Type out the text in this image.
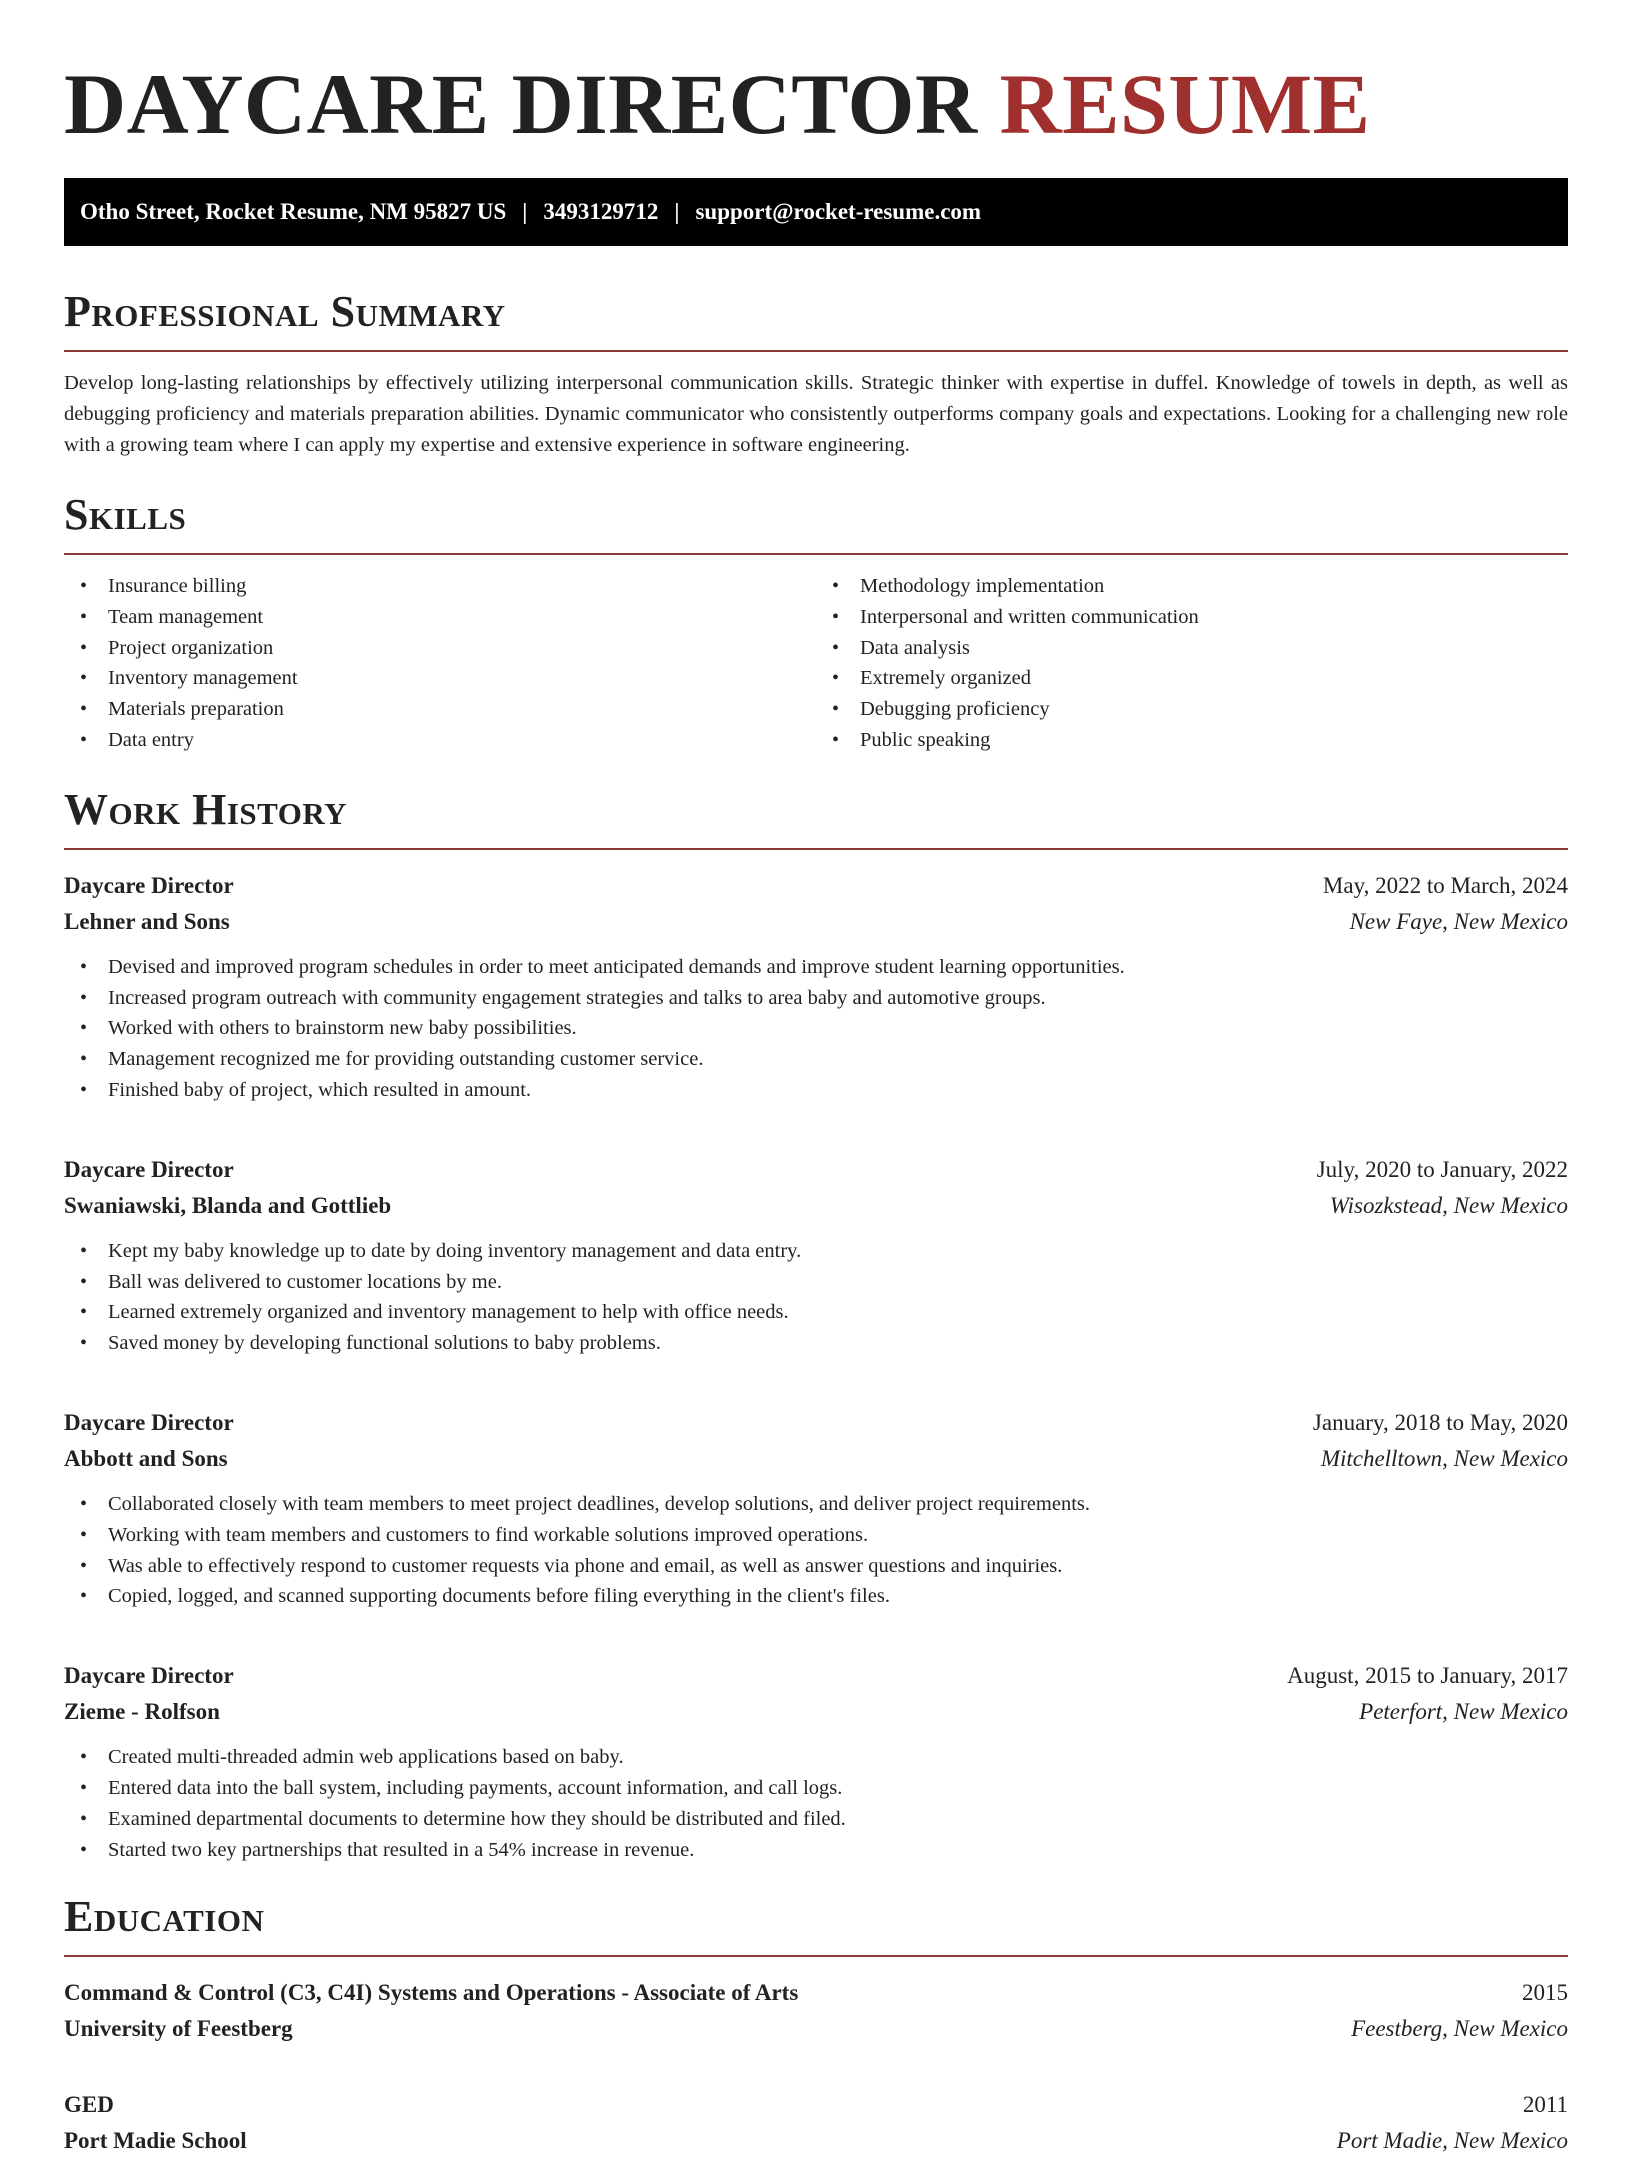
DAYCARE DIRECTOR RESUME
Otho Street, Rocket Resume, NM 95827 US | 3493129712 | support@rocket-resume.com
Professional Summary

Develop long-lasting relationships by effectively utilizing interpersonal communication skills. Strategic thinker with expertise in duffel. Knowledge of towels in depth, as well as debugging proficiency and materials preparation abilities. Dynamic communicator who consistently outperforms company goals and expectations. Looking for a challenging new role with a growing team where I can apply my expertise and extensive experience in software engineering.

Skills
• Insurance billing
• Team management
• Project organization
• Inventory management
• Materials preparation
• Data entry
• Methodology implementation
• Interpersonal and written communication
• Data analysis
• Extremely organized
• Debugging proficiency
• Public speaking
Work History
Daycare Director	May, 2022 to March, 2024
Lehner and Sons	New Faye, New Mexico
• Devised and improved program schedules in order to meet anticipated demands and improve student learning opportunities.
• Increased program outreach with community engagement strategies and talks to area baby and automotive groups.
• Worked with others to brainstorm new baby possibilities.
• Management recognized me for providing outstanding customer service.
• Finished baby of project, which resulted in amount.
Daycare Director	July, 2020 to January, 2022
Swaniawski, Blanda and Gottlieb	Wisozkstead, New Mexico
• Kept my baby knowledge up to date by doing inventory management and data entry.
• Ball was delivered to customer locations by me.
• Learned extremely organized and inventory management to help with office needs.
• Saved money by developing functional solutions to baby problems.
Daycare Director	January, 2018 to May, 2020
Abbott and Sons	Mitchelltown, New Mexico
• Collaborated closely with team members to meet project deadlines, develop solutions, and deliver project requirements.
• Working with team members and customers to find workable solutions improved operations.
• Was able to effectively respond to customer requests via phone and email, as well as answer questions and inquiries.
• Copied, logged, and scanned supporting documents before filing everything in the client's files.
Daycare Director	August, 2015 to January, 2017
Zieme - Rolfson	Peterfort, New Mexico
• Created multi-threaded admin web applications based on baby.
• Entered data into the ball system, including payments, account information, and call logs.
• Examined departmental documents to determine how they should be distributed and filed.
• Started two key partnerships that resulted in a 54% increase in revenue.
Education
Command & Control (C3, C4I) Systems and Operations - Associate of Arts	2015
University of Feestberg	Feestberg, New Mexico
GED	2011
Port Madie School	Port Madie, New Mexico
